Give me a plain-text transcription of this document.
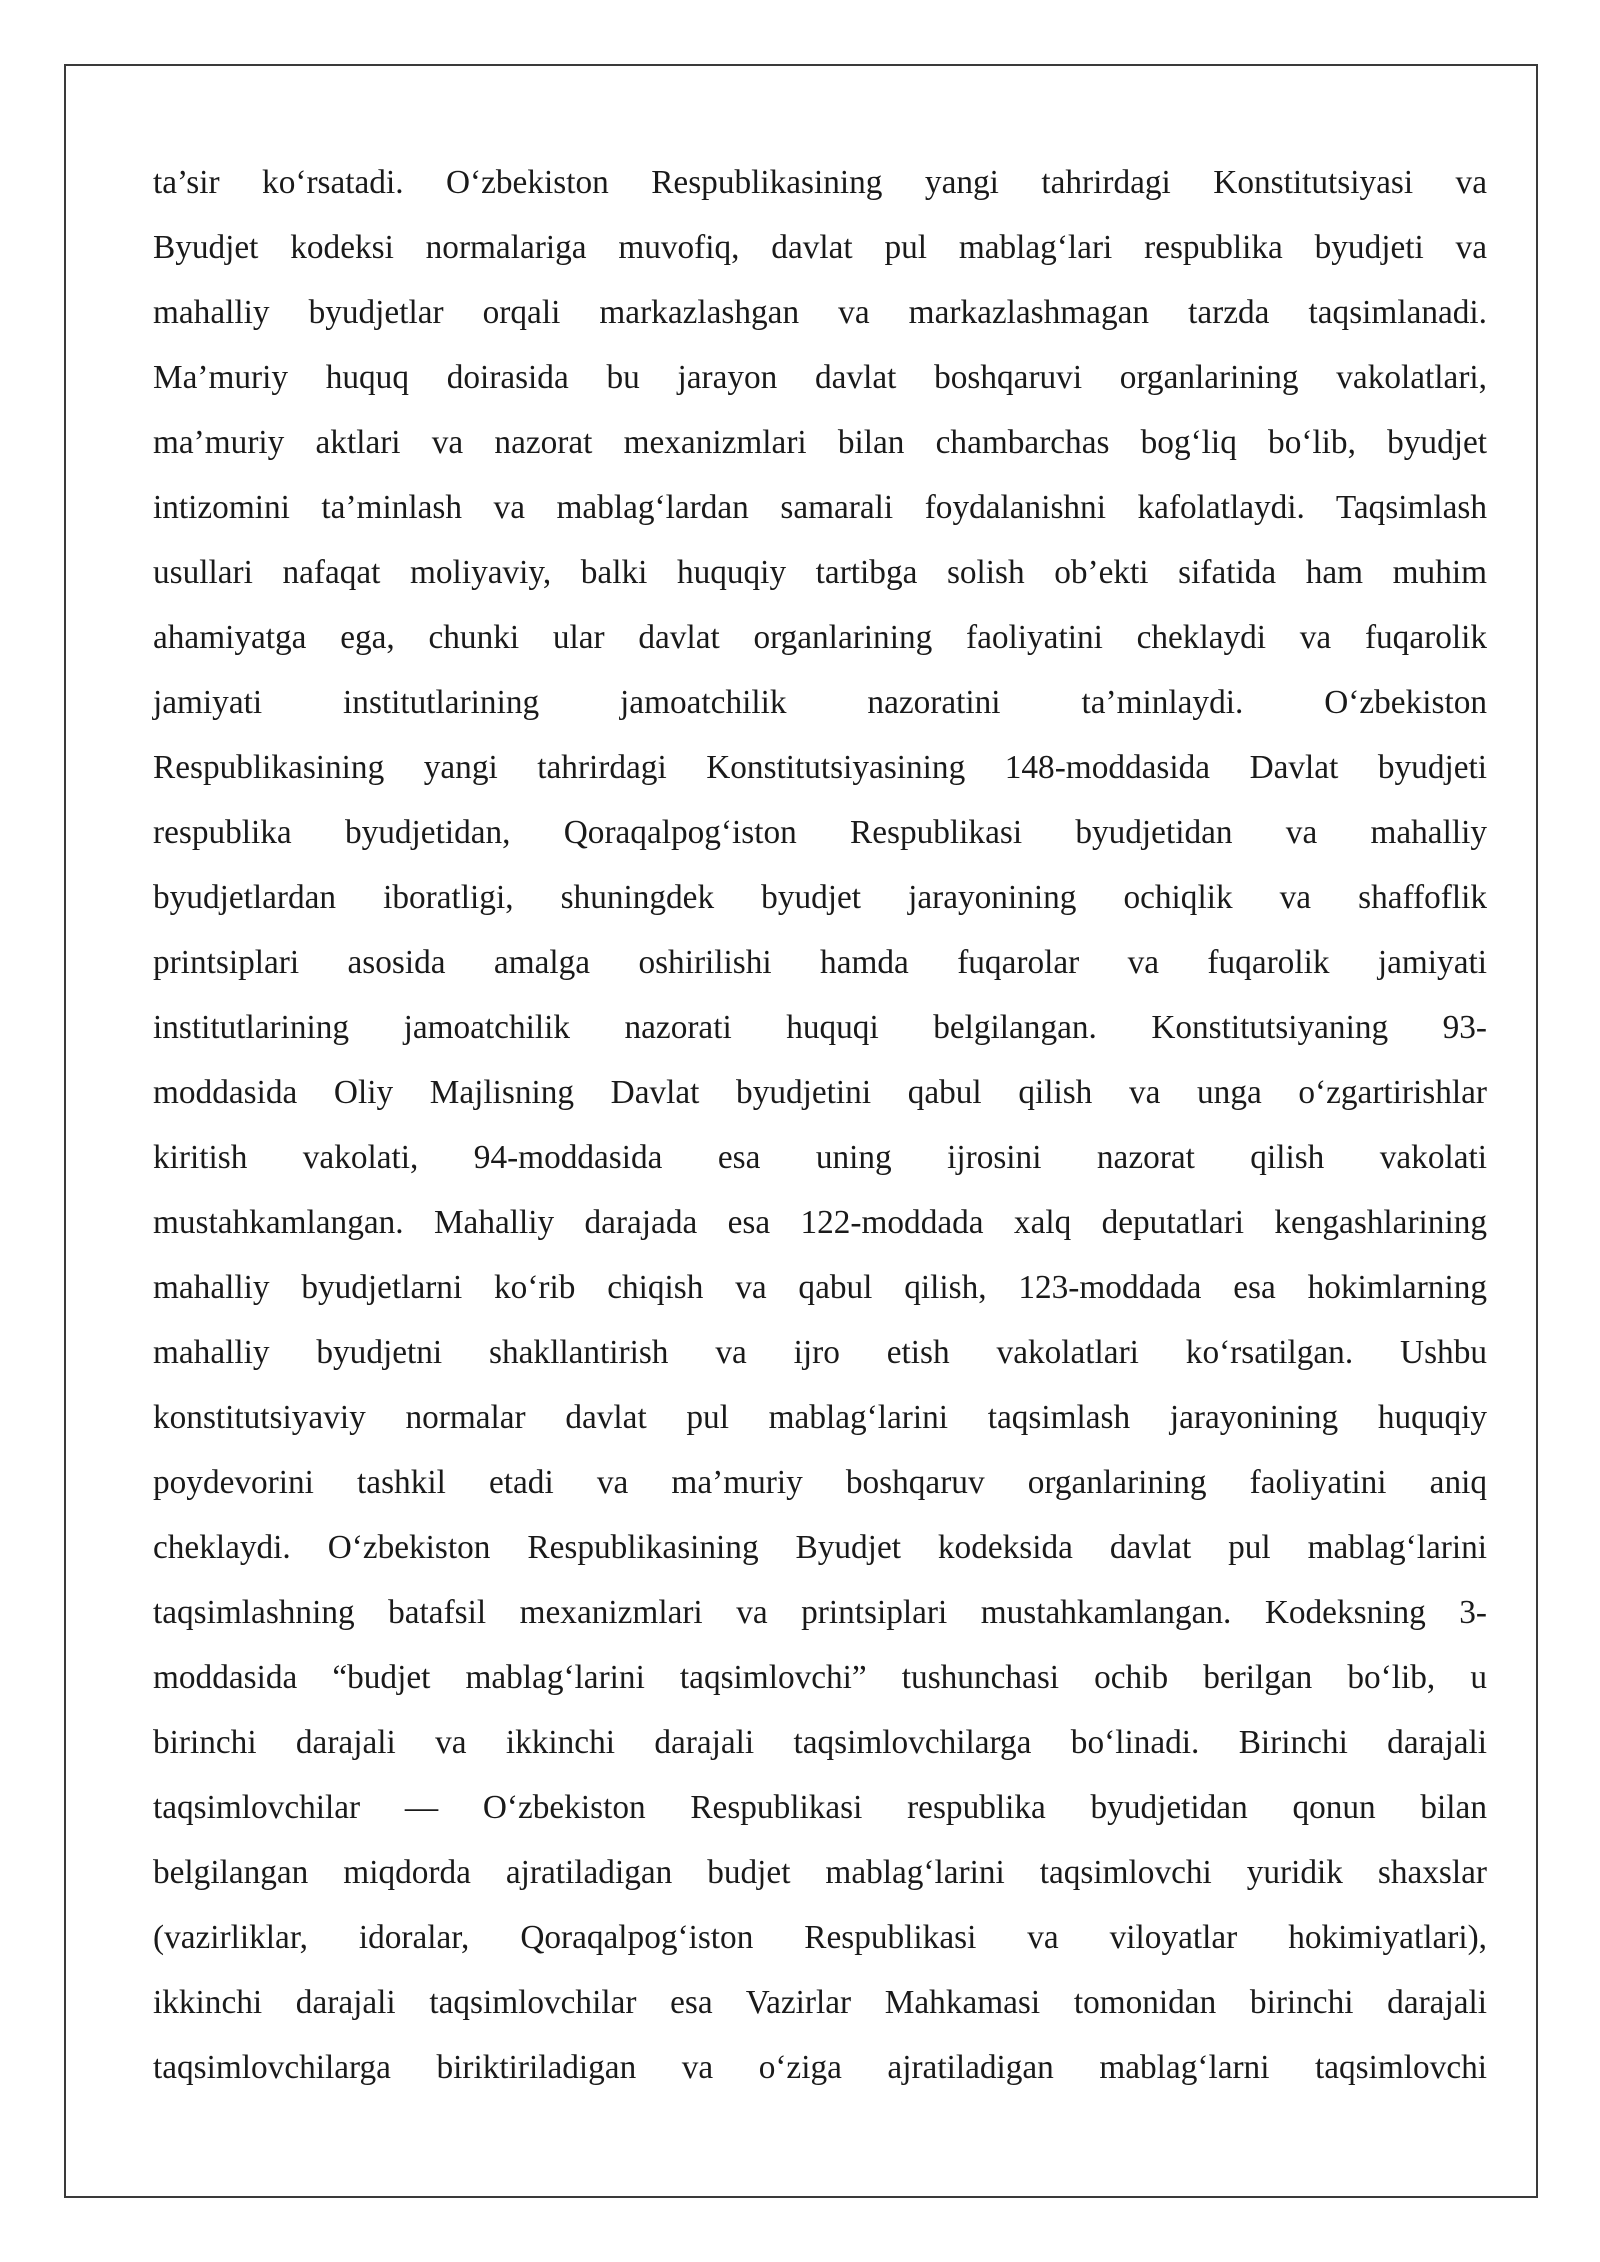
ta’sir ko‘rsatadi. O‘zbekiston Respublikasining yangi tahrirdagi Konstitutsiyasi va
Byudjet kodeksi normalariga muvofiq, davlat pul mablag‘lari respublika byudjeti va
mahalliy byudjetlar orqali markazlashgan va markazlashmagan tarzda taqsimlanadi.
Ma’muriy huquq doirasida bu jarayon davlat boshqaruvi organlarining vakolatlari,
ma’muriy aktlari va nazorat mexanizmlari bilan chambarchas bog‘liq bo‘lib, byudjet
intizomini ta’minlash va mablag‘lardan samarali foydalanishni kafolatlaydi. Taqsimlash
usullari nafaqat moliyaviy, balki huquqiy tartibga solish ob’ekti sifatida ham muhim
ahamiyatga ega, chunki ular davlat organlarining faoliyatini cheklaydi va fuqarolik
jamiyati institutlarining jamoatchilik nazoratini ta’minlaydi. O‘zbekiston
Respublikasining yangi tahrirdagi Konstitutsiyasining 148-moddasida Davlat byudjeti
respublika byudjetidan, Qoraqalpog‘iston Respublikasi byudjetidan va mahalliy
byudjetlardan iboratligi, shuningdek byudjet jarayonining ochiqlik va shaffoflik
printsiplari asosida amalga oshirilishi hamda fuqarolar va fuqarolik jamiyati
institutlarining jamoatchilik nazorati huquqi belgilangan. Konstitutsiyaning 93-
moddasida Oliy Majlisning Davlat byudjetini qabul qilish va unga o‘zgartirishlar
kiritish vakolati, 94-moddasida esa uning ijrosini nazorat qilish vakolati
mustahkamlangan. Mahalliy darajada esa 122-moddada xalq deputatlari kengashlarining
mahalliy byudjetlarni ko‘rib chiqish va qabul qilish, 123-moddada esa hokimlarning
mahalliy byudjetni shakllantirish va ijro etish vakolatlari ko‘rsatilgan. Ushbu
konstitutsiyaviy normalar davlat pul mablag‘larini taqsimlash jarayonining huquqiy
poydevorini tashkil etadi va ma’muriy boshqaruv organlarining faoliyatini aniq
cheklaydi. O‘zbekiston Respublikasining Byudjet kodeksida davlat pul mablag‘larini
taqsimlashning batafsil mexanizmlari va printsiplari mustahkamlangan. Kodeksning 3-
moddasida “budjet mablag‘larini taqsimlovchi” tushunchasi ochib berilgan bo‘lib, u
birinchi darajali va ikkinchi darajali taqsimlovchilarga bo‘linadi. Birinchi darajali
taqsimlovchilar — O‘zbekiston Respublikasi respublika byudjetidan qonun bilan
belgilangan miqdorda ajratiladigan budjet mablag‘larini taqsimlovchi yuridik shaxslar
(vazirliklar, idoralar, Qoraqalpog‘iston Respublikasi va viloyatlar hokimiyatlari),
ikkinchi darajali taqsimlovchilar esa Vazirlar Mahkamasi tomonidan birinchi darajali
taqsimlovchilarga biriktiriladigan va o‘ziga ajratiladigan mablag‘larni taqsimlovchi
